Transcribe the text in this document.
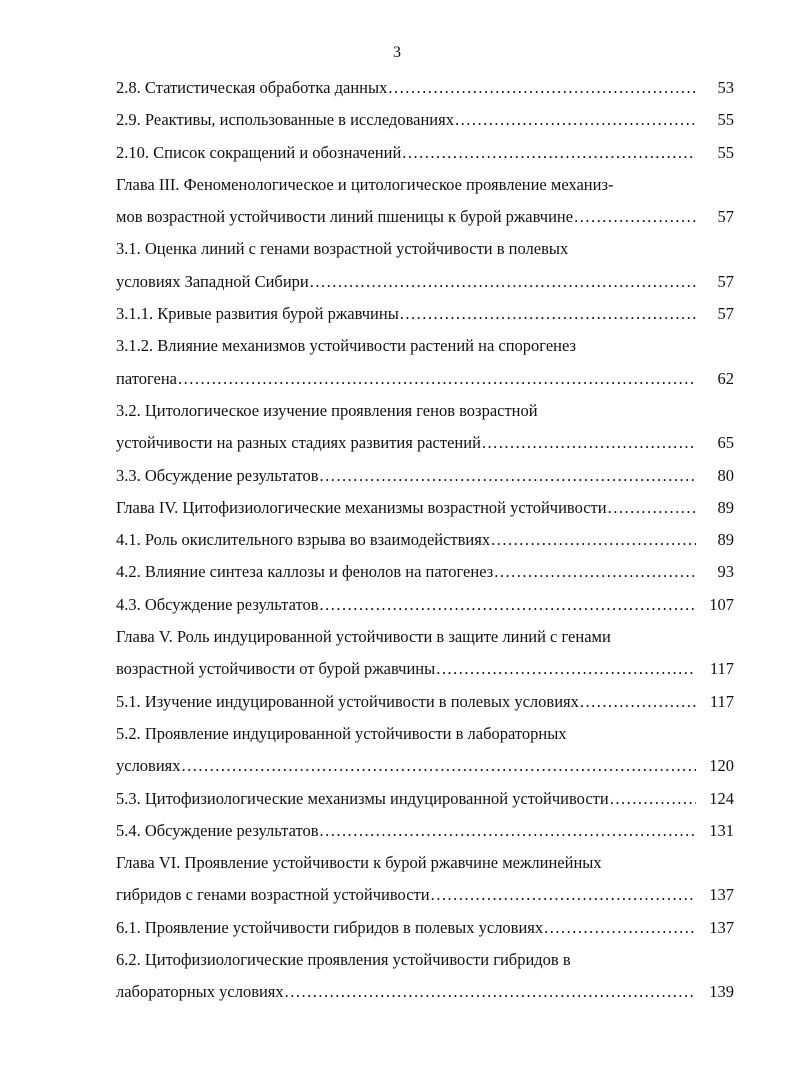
3
2.8. Статистическая обработка данных .....	53
2.9. Реактивы, использованные в исследованиях .....	55
2.10. Список сокращений и обозначений .....	55
Глава III. Феноменологическое и цитологическое проявление механиз-
мов возрастной устойчивости линий пшеницы к бурой ржавчине .....	57
3.1. Оценка линий с генами возрастной устойчивости в полевых
условиях Западной Сибири .....	57
3.1.1. Кривые развития бурой ржавчины .....	57
3.1.2. Влияние механизмов устойчивости растений на спорогенез
патогена .....	62
3.2. Цитологическое изучение проявления генов возрастной
устойчивости на разных стадиях развития растений .....	65
3.3. Обсуждение результатов .....	80
Глава IV. Цитофизиологические механизмы возрастной устойчивости .....	89
4.1. Роль окислительного взрыва во взаимодействиях .....	89
4.2. Влияние синтеза каллозы и фенолов на патогенез .....	93
4.3. Обсуждение результатов .....	107
Глава V. Роль индуцированной устойчивости в защите линий с генами
возрастной устойчивости от бурой ржавчины .....	117
5.1. Изучение индуцированной устойчивости в полевых условиях .....	117
5.2. Проявление индуцированной устойчивости в лабораторных
условиях .....	120
5.3. Цитофизиологические механизмы индуцированной устойчивости .....	124
5.4. Обсуждение результатов .....	131
Глава VI. Проявление устойчивости к бурой ржавчине межлинейных
гибридов с генами возрастной устойчивости .....	137
6.1. Проявление устойчивости гибридов в полевых условиях .....	137
6.2. Цитофизиологические проявления устойчивости гибридов в
лабораторных условиях .....	139
